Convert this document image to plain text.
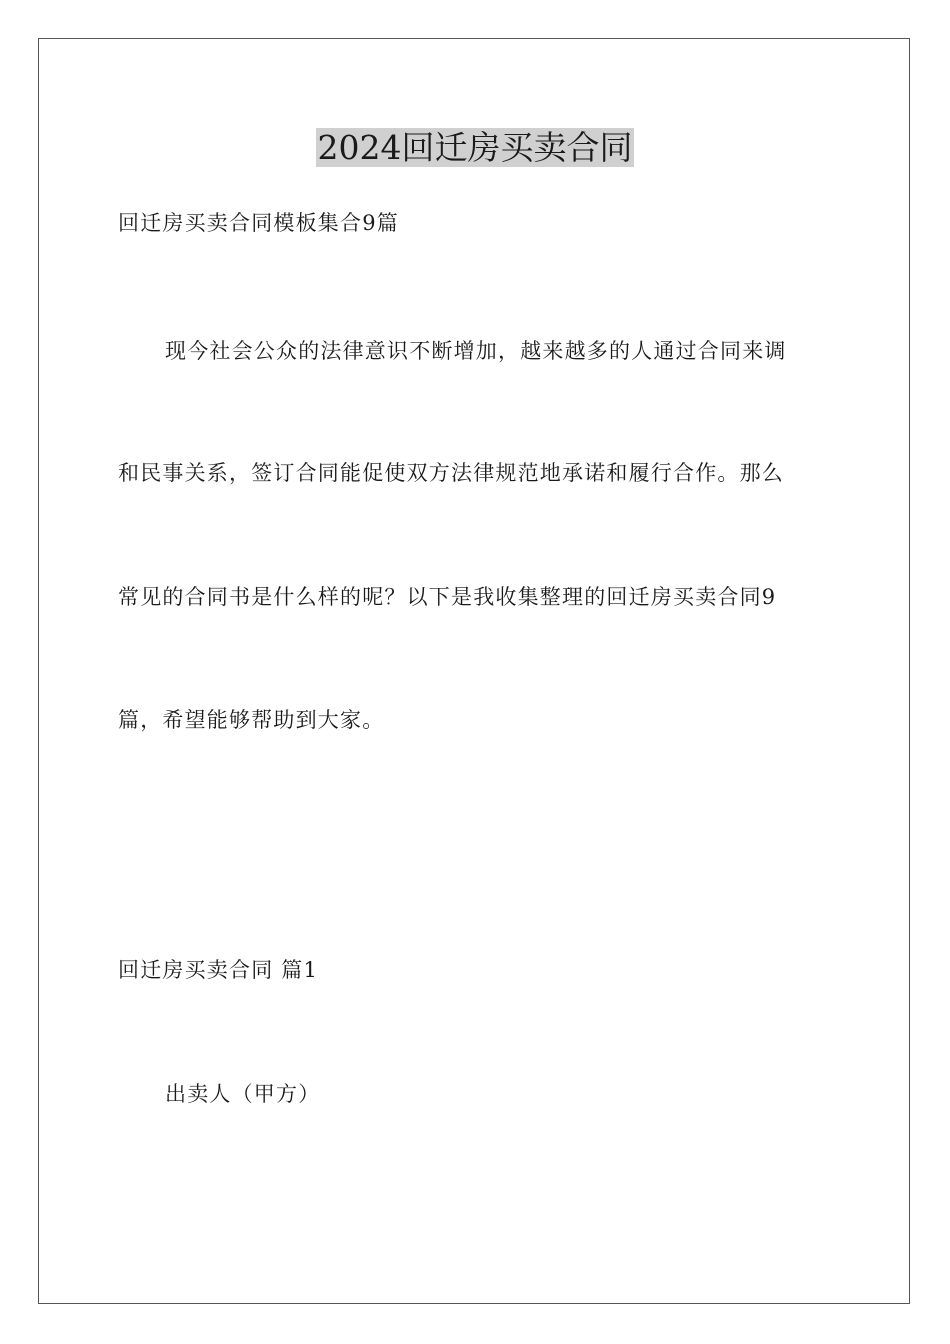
2024回迁房买卖合同

回迁房买卖合同模板集合9篇

现今社会公众的法律意识不断增加，越来越多的人通过合同来调

和民事关系，签订合同能促使双方法律规范地承诺和履行合作。那么

常见的合同书是什么样的呢？以下是我收集整理的回迁房买卖合同9

篇，希望能够帮助到大家。

回迁房买卖合同 篇1

出卖人（甲方）
